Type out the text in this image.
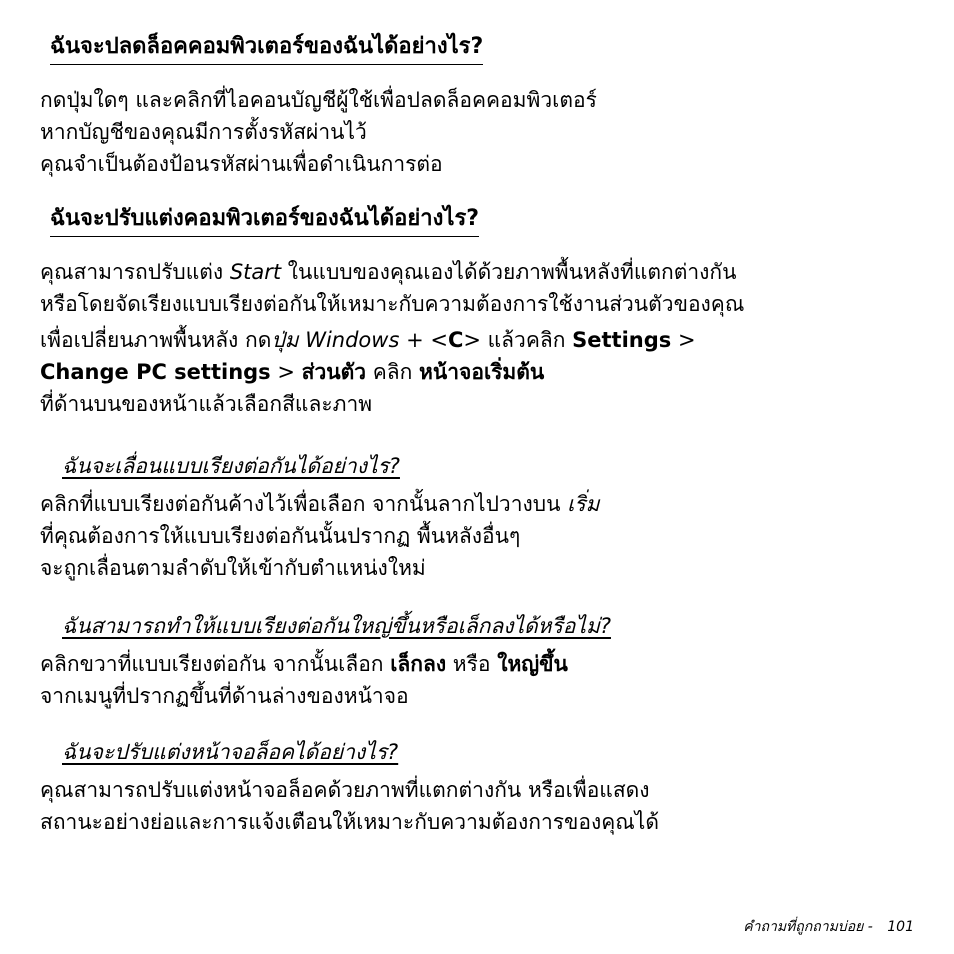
ฉันจะปลดล็อคคอมพิวเตอร์ของฉันได้อย่างไร?

กดปุ่มใดๆ และคลิกที่ไอคอนบัญชีผู้ใช้เพื่อปลดล็อคคอมพิวเตอร์
หากบัญชีของคุณมีการตั้งรหัสผ่านไว้
คุณจำเป็นต้องป้อนรหัสผ่านเพื่อดำเนินการต่อ

ฉันจะปรับแต่งคอมพิวเตอร์ของฉันได้อย่างไร?

คุณสามารถปรับแต่ง Start ในแบบของคุณเองได้ด้วยภาพพื้นหลังที่แตกต่างกัน
หรือโดยจัดเรียงแบบเรียงต่อกันให้เหมาะกับความต้องการใช้งานส่วนตัวของคุณ
เพื่อเปลี่ยนภาพพื้นหลัง กดปุ่ม Windows + <C> แล้วคลิก Settings >
Change PC settings > ส่วนตัว คลิก หน้าจอเริ่มต้น
ที่ด้านบนของหน้าแล้วเลือกสีและภาพ

ฉันจะเลื่อนแบบเรียงต่อกันได้อย่างไร?

คลิกที่แบบเรียงต่อกันค้างไว้เพื่อเลือก จากนั้นลากไปวางบน เริ่ม
ที่คุณต้องการให้แบบเรียงต่อกันนั้นปรากฏ พื้นหลังอื่นๆ
จะถูกเลื่อนตามลำดับให้เข้ากับตำแหน่งใหม่

ฉันสามารถทำให้แบบเรียงต่อกันใหญ่ขึ้นหรือเล็กลงได้หรือไม่?

คลิกขวาที่แบบเรียงต่อกัน จากนั้นเลือก เล็กลง หรือ ใหญ่ขึ้น
จากเมนูที่ปรากฏขึ้นที่ด้านล่างของหน้าจอ

ฉันจะปรับแต่งหน้าจอล็อคได้อย่างไร?

คุณสามารถปรับแต่งหน้าจอล็อคด้วยภาพที่แตกต่างกัน หรือเพื่อแสดง
สถานะอย่างย่อและการแจ้งเตือนให้เหมาะกับความต้องการของคุณได้

คำถามที่ถูกถามบ่อย - 101
